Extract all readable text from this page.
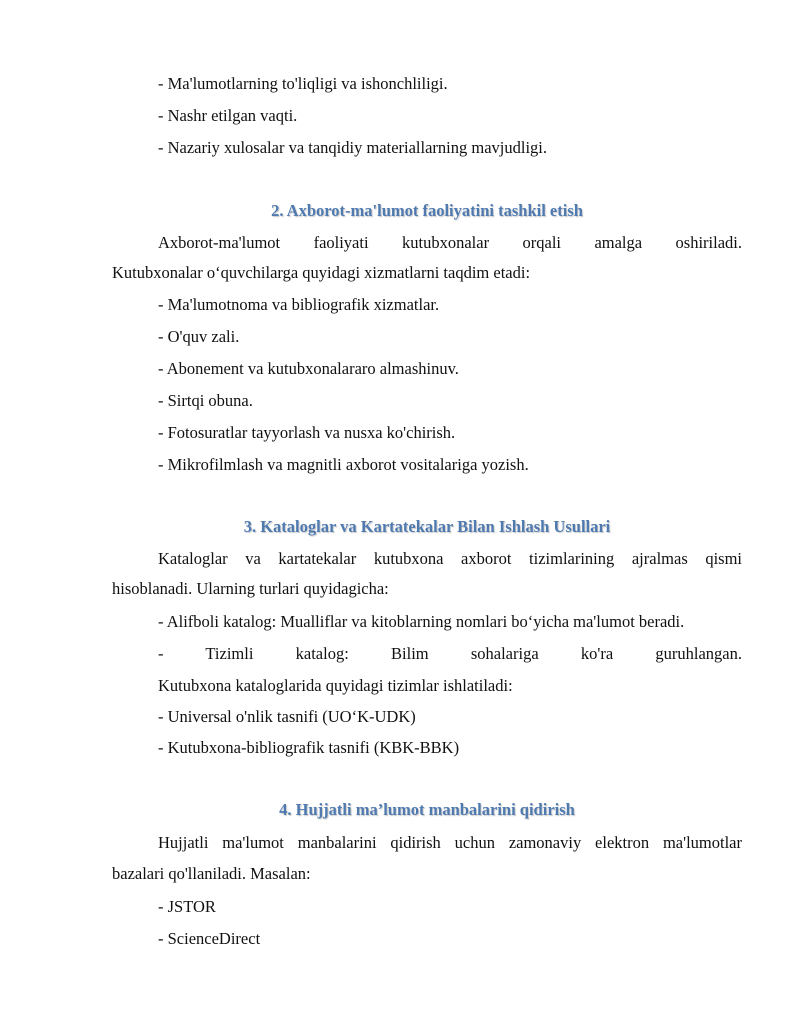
- Ma'lumotlarning to'liqligi va ishonchliligi.
- Nashr etilgan vaqti.
- Nazariy xulosalar va tanqidiy materiallarning mavjudligi.
2. Axborot-ma'lumot faoliyatini tashkil etish
Axborot-ma'lumot faoliyati kutubxonalar orqali amalga oshiriladi.
Kutubxonalar o‘quvchilarga quyidagi xizmatlarni taqdim etadi:
- Ma'lumotnoma va bibliografik xizmatlar.
- O'quv zali.
- Abonement va kutubxonalararo almashinuv.
- Sirtqi obuna.
- Fotosuratlar tayyorlash va nusxa ko'chirish.
- Mikrofilmlash va magnitli axborot vositalariga yozish.
3. Kataloglar va Kartatekalar Bilan Ishlash Usullari
Kataloglar va kartatekalar kutubxona axborot tizimlarining ajralmas qismi
hisoblanadi. Ularning turlari quyidagicha:
- Alifboli katalog: Mualliflar va kitoblarning nomlari bo‘yicha ma'lumot beradi.
- Tizimli katalog: Bilim sohalariga ko'ra guruhlangan.
Kutubxona kataloglarida quyidagi tizimlar ishlatiladi:
- Universal o'nlik tasnifi (UO‘K-UDK)
- Kutubxona-bibliografik tasnifi (KBK-BBK)
4. Hujjatli ma’lumot manbalarini qidirish
Hujjatli ma'lumot manbalarini qidirish uchun zamonaviy elektron ma'lumotlar
bazalari qo'llaniladi. Masalan:
- JSTOR
- ScienceDirect
